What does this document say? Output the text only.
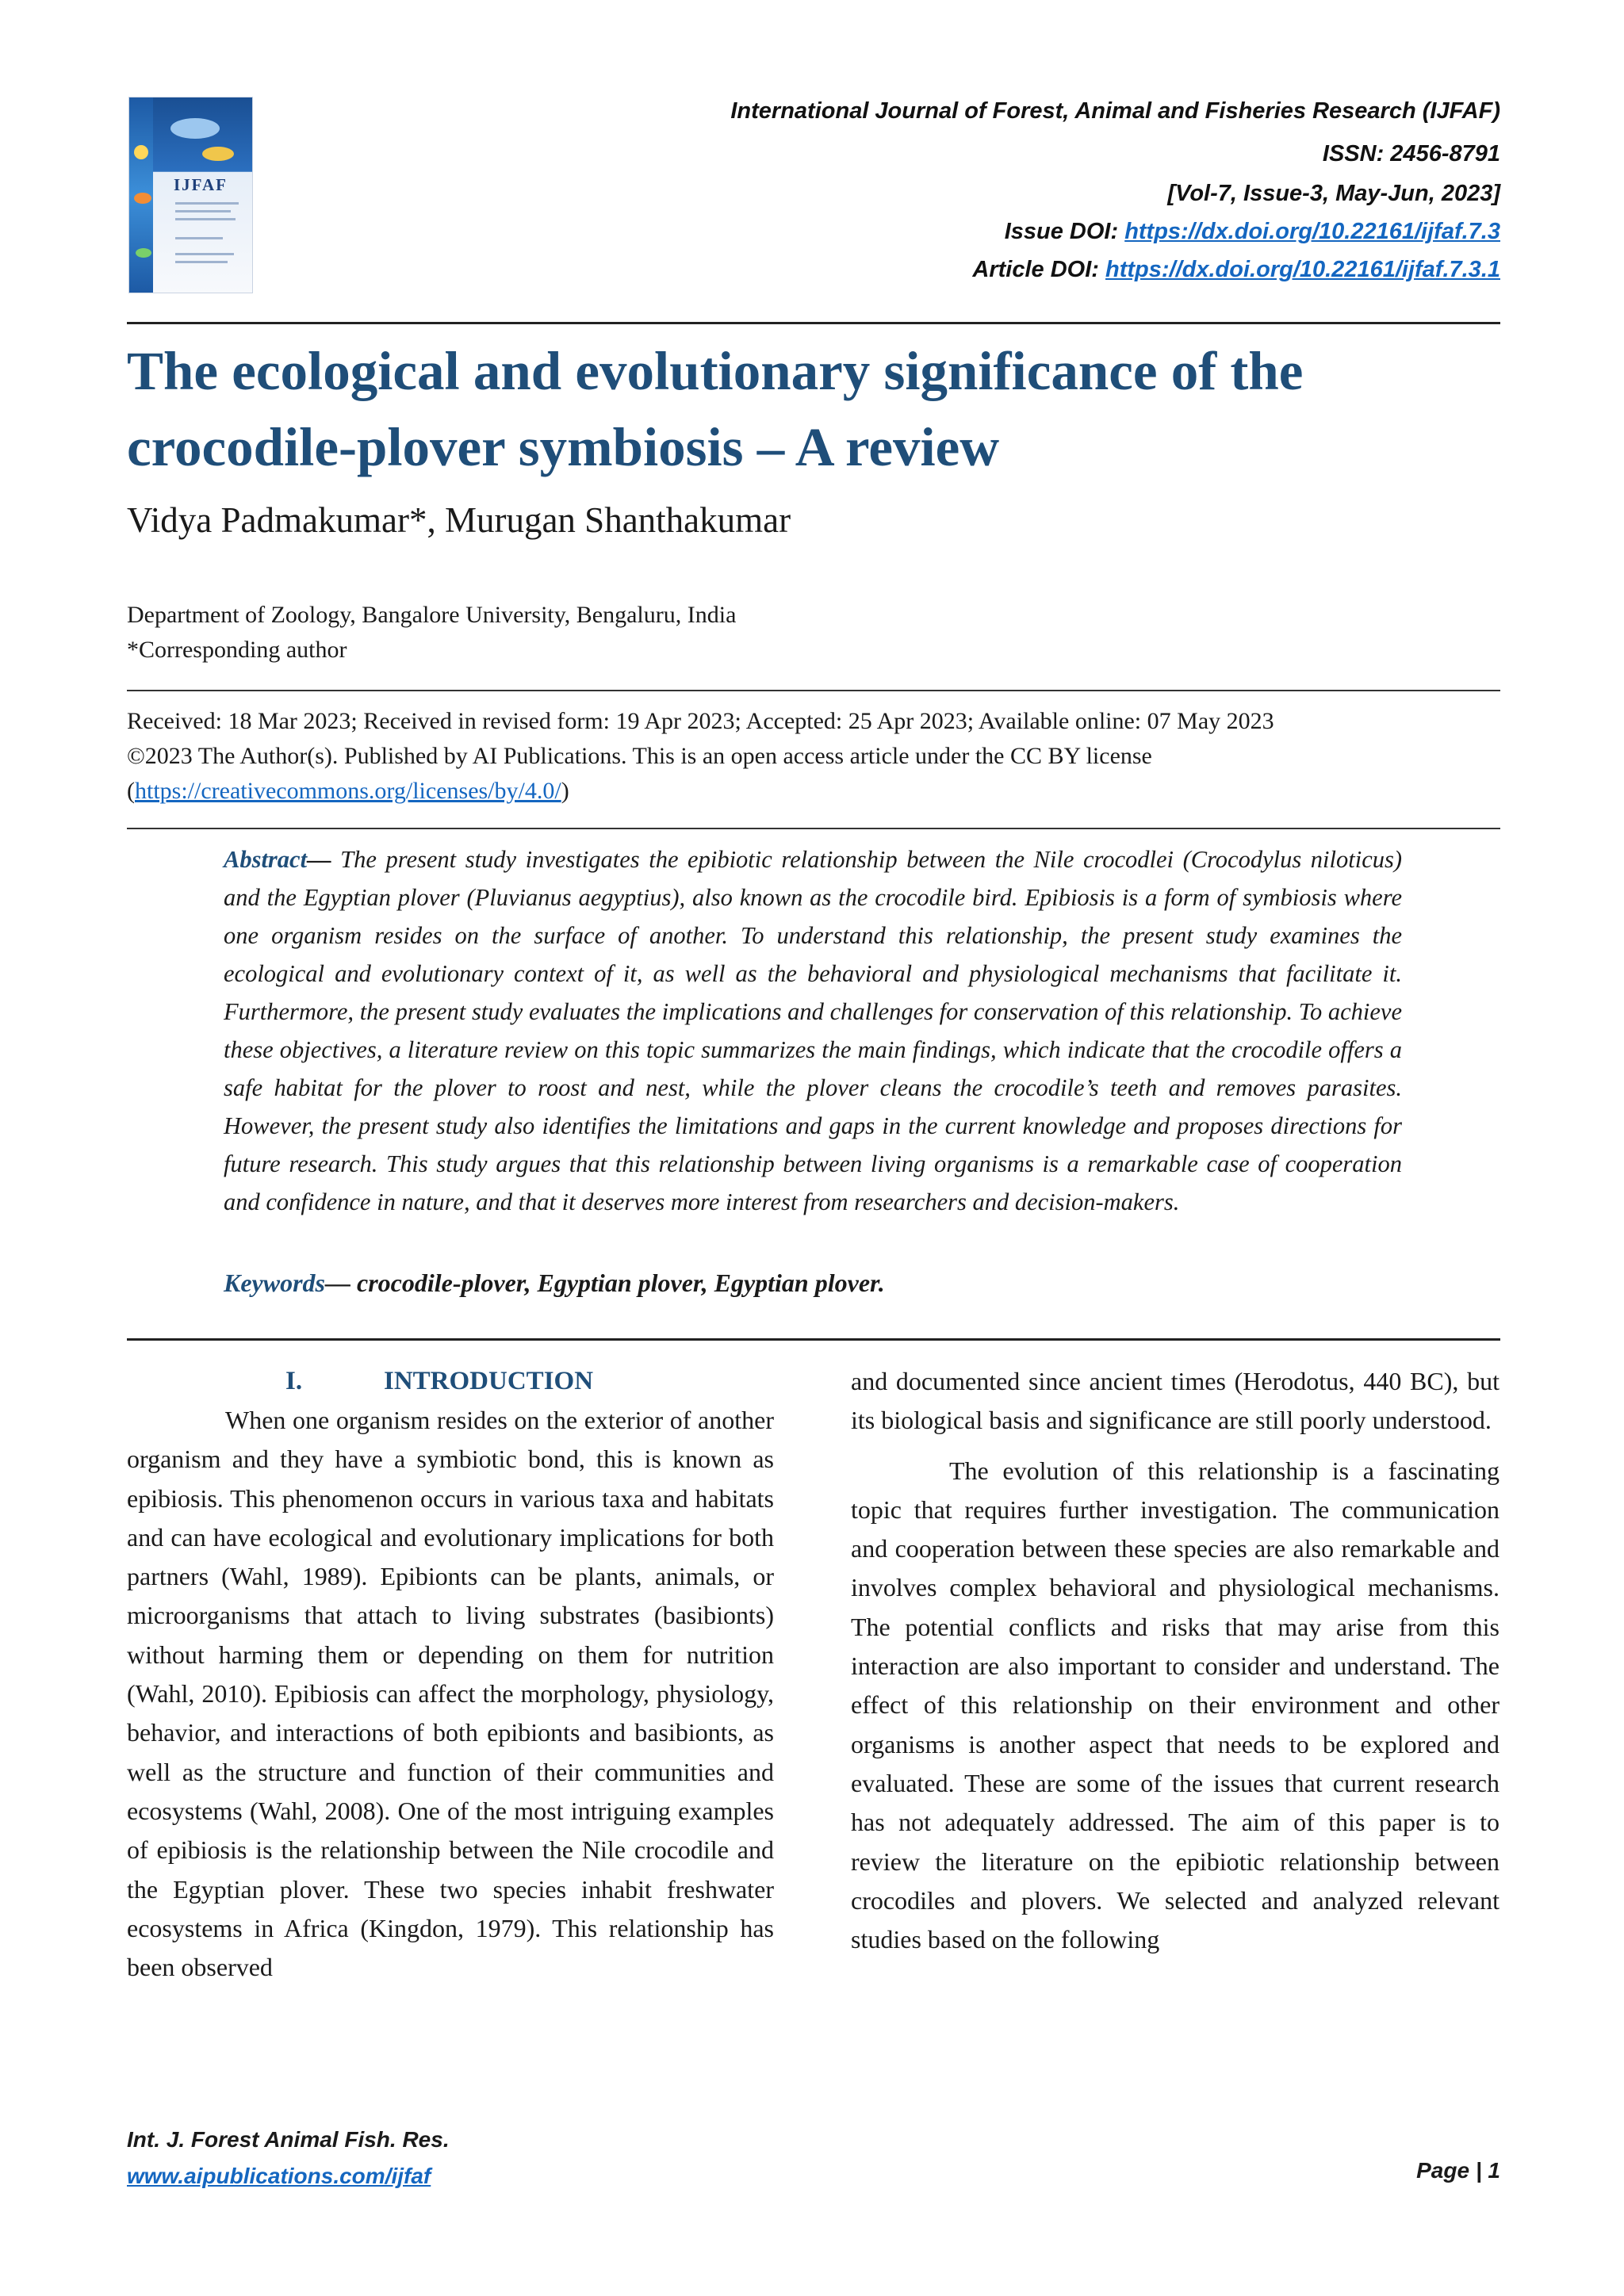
IJFAF
International Journal of Forest, Animal and Fisheries Research (IJFAF)
ISSN: 2456-8791
[Vol-7, Issue-3, May-Jun, 2023]
Issue DOI: https://dx.doi.org/10.22161/ijfaf.7.3
Article DOI: https://dx.doi.org/10.22161/ijfaf.7.3.1
The ecological and evolutionary significance of the
crocodile-plover symbiosis – A review
Vidya Padmakumar*, Murugan Shanthakumar
Department of Zoology, Bangalore University, Bengaluru, India
*Corresponding author
Received: 18 Mar 2023; Received in revised form: 19 Apr 2023; Accepted: 25 Apr 2023; Available online: 07 May 2023
©2023 The Author(s). Published by AI Publications. This is an open access article under the CC BY license
(https://creativecommons.org/licenses/by/4.0/)
Abstract— The present study investigates the epibiotic relationship between the Nile crocodlei (Crocodylus niloticus) and the Egyptian plover (Pluvianus aegyptius), also known as the crocodile bird. Epibiosis is a form of symbiosis where one organism resides on the surface of another. To understand this relationship, the present study examines the ecological and evolutionary context of it, as well as the behavioral and physiological mechanisms that facilitate it. Furthermore, the present study evaluates the implications and challenges for conservation of this relationship. To achieve these objectives, a literature review on this topic summarizes the main findings, which indicate that the crocodile offers a safe habitat for the plover to roost and nest, while the plover cleans the crocodile’s teeth and removes parasites. However, the present study also identifies the limitations and gaps in the current knowledge and proposes directions for future research. This study argues that this relationship between living organisms is a remarkable case of cooperation and confidence in nature, and that it deserves more interest from researchers and decision-makers.
Keywords— crocodile-plover, Egyptian plover, Egyptian plover.
I.	INTRODUCTION

When one organism resides on the exterior of another organism and they have a symbiotic bond, this is known as epibiosis. This phenomenon occurs in various taxa and habitats and can have ecological and evolutionary implications for both partners (Wahl, 1989). Epibionts can be plants, animals, or microorganisms that attach to living substrates (basibionts) without harming them or depending on them for nutrition (Wahl, 2010). Epibiosis can affect the morphology, physiology, behavior, and interactions of both epibionts and basibionts, as well as the structure and function of their communities and ecosystems (Wahl, 2008). One of the most intriguing examples of epibiosis is the relationship between the Nile crocodile and the Egyptian plover. These two species inhabit freshwater ecosystems in Africa (Kingdon, 1979). This relationship has been observed

and documented since ancient times (Herodotus, 440 BC), but its biological basis and significance are still poorly understood.

The evolution of this relationship is a fascinating topic that requires further investigation. The communication and cooperation between these species are also remarkable and involves complex behavioral and physiological mechanisms. The potential conflicts and risks that may arise from this interaction are also important to consider and understand. The effect of this relationship on their environment and other organisms is another aspect that needs to be explored and evaluated. These are some of the issues that current research has not adequately addressed. The aim of this paper is to review the literature on the epibiotic relationship between crocodiles and plovers. We selected and analyzed relevant studies based on the following

Int. J. Forest Animal Fish. Res.
www.aipublications.com/ijfaf	Page | 1
